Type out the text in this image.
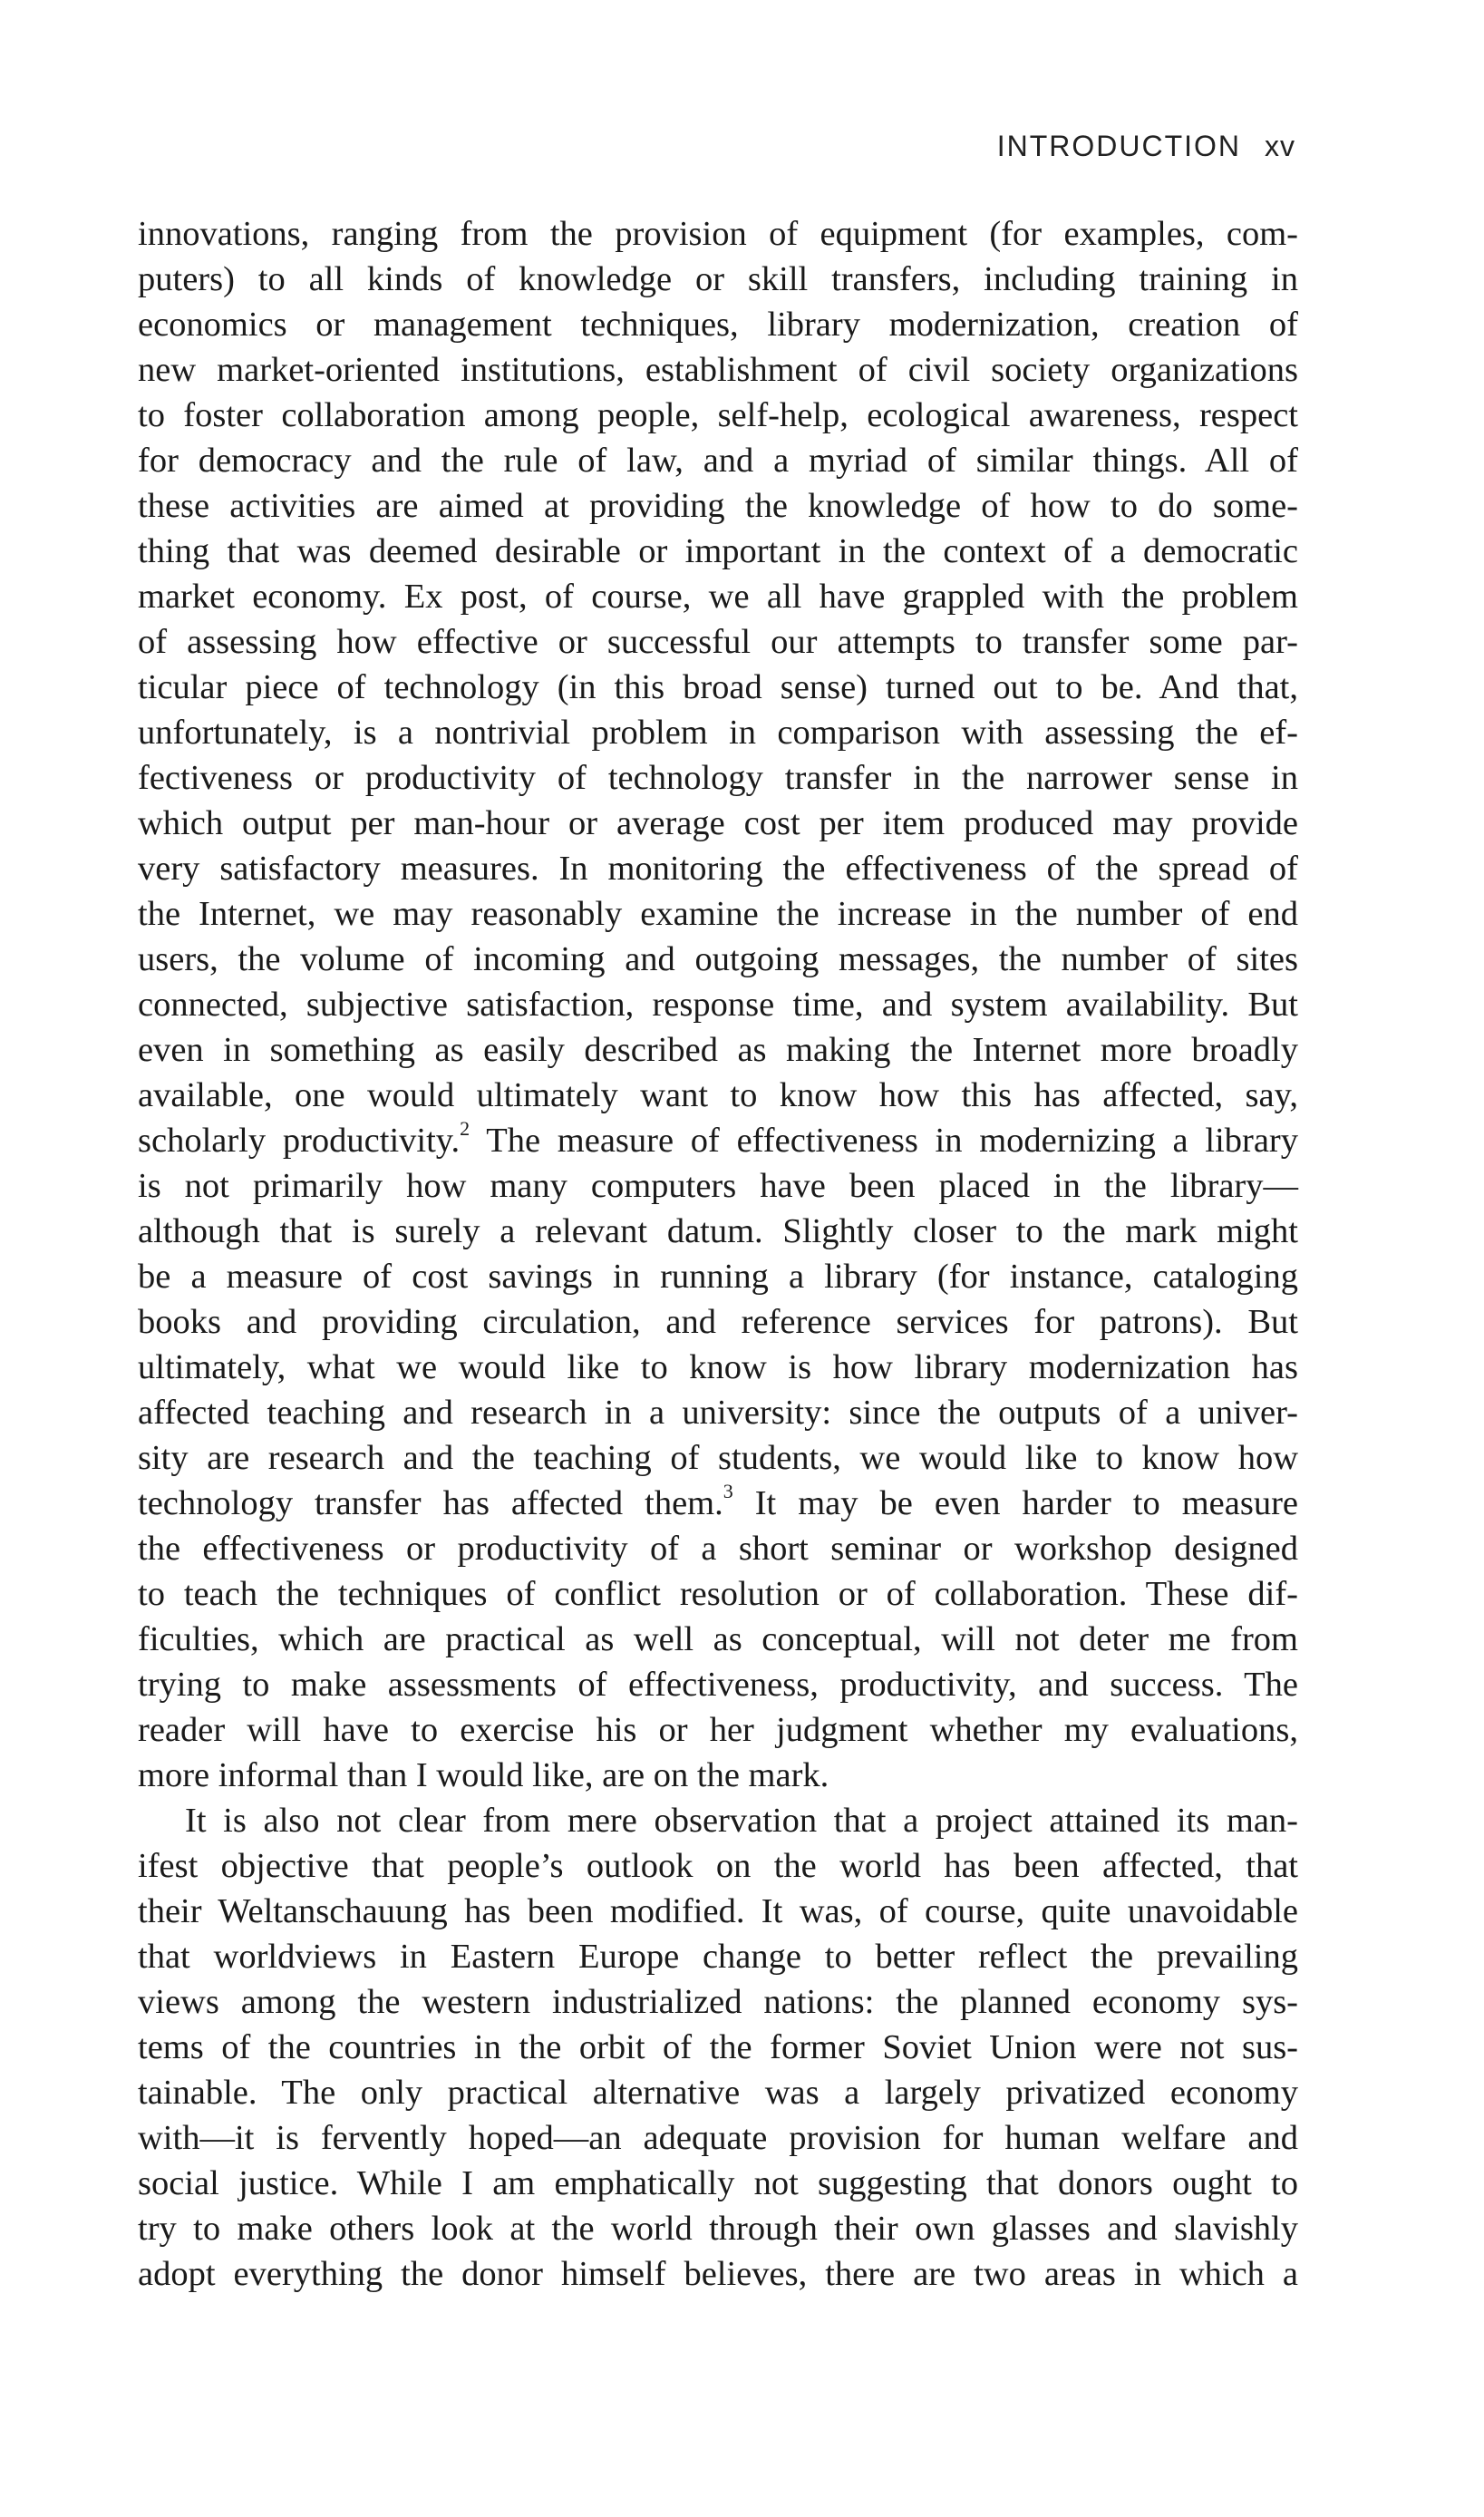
INTRODUCTION xv
innovations, ranging from the provision of equipment (for examples, com-
puters) to all kinds of knowledge or skill transfers, including training in
economics or management techniques, library modernization, creation of
new market-oriented institutions, establishment of civil society organizations
to foster collaboration among people, self-help, ecological awareness, respect
for democracy and the rule of law, and a myriad of similar things. All of
these activities are aimed at providing the knowledge of how to do some-
thing that was deemed desirable or important in the context of a democratic
market economy. Ex post, of course, we all have grappled with the problem
of assessing how effective or successful our attempts to transfer some par-
ticular piece of technology (in this broad sense) turned out to be. And that,
unfortunately, is a nontrivial problem in comparison with assessing the ef-
fectiveness or productivity of technology transfer in the narrower sense in
which output per man-hour or average cost per item produced may provide
very satisfactory measures. In monitoring the effectiveness of the spread of
the Internet, we may reasonably examine the increase in the number of end
users, the volume of incoming and outgoing messages, the number of sites
connected, subjective satisfaction, response time, and system availability. But
even in something as easily described as making the Internet more broadly
available, one would ultimately want to know how this has affected, say,
scholarly productivity.$^2$ The measure of effectiveness in modernizing a library
is not primarily how many computers have been placed in the library—
although that is surely a relevant datum. Slightly closer to the mark might
be a measure of cost savings in running a library (for instance, cataloging
books and providing circulation, and reference services for patrons). But
ultimately, what we would like to know is how library modernization has
affected teaching and research in a university: since the outputs of a univer-
sity are research and the teaching of students, we would like to know how
technology transfer has affected them.$^3$ It may be even harder to measure
the effectiveness or productivity of a short seminar or workshop designed
to teach the techniques of conflict resolution or of collaboration. These dif-
ficulties, which are practical as well as conceptual, will not deter me from
trying to make assessments of effectiveness, productivity, and success. The
reader will have to exercise his or her judgment whether my evaluations,
more informal than I would like, are on the mark.
It is also not clear from mere observation that a project attained its man-
ifest objective that people’s outlook on the world has been affected, that
their Weltanschauung has been modified. It was, of course, quite unavoidable
that worldviews in Eastern Europe change to better reflect the prevailing
views among the western industrialized nations: the planned economy sys-
tems of the countries in the orbit of the former Soviet Union were not sus-
tainable. The only practical alternative was a largely privatized economy
with—it is fervently hoped—an adequate provision for human welfare and
social justice. While I am emphatically not suggesting that donors ought to
try to make others look at the world through their own glasses and slavishly
adopt everything the donor himself believes, there are two areas in which a
